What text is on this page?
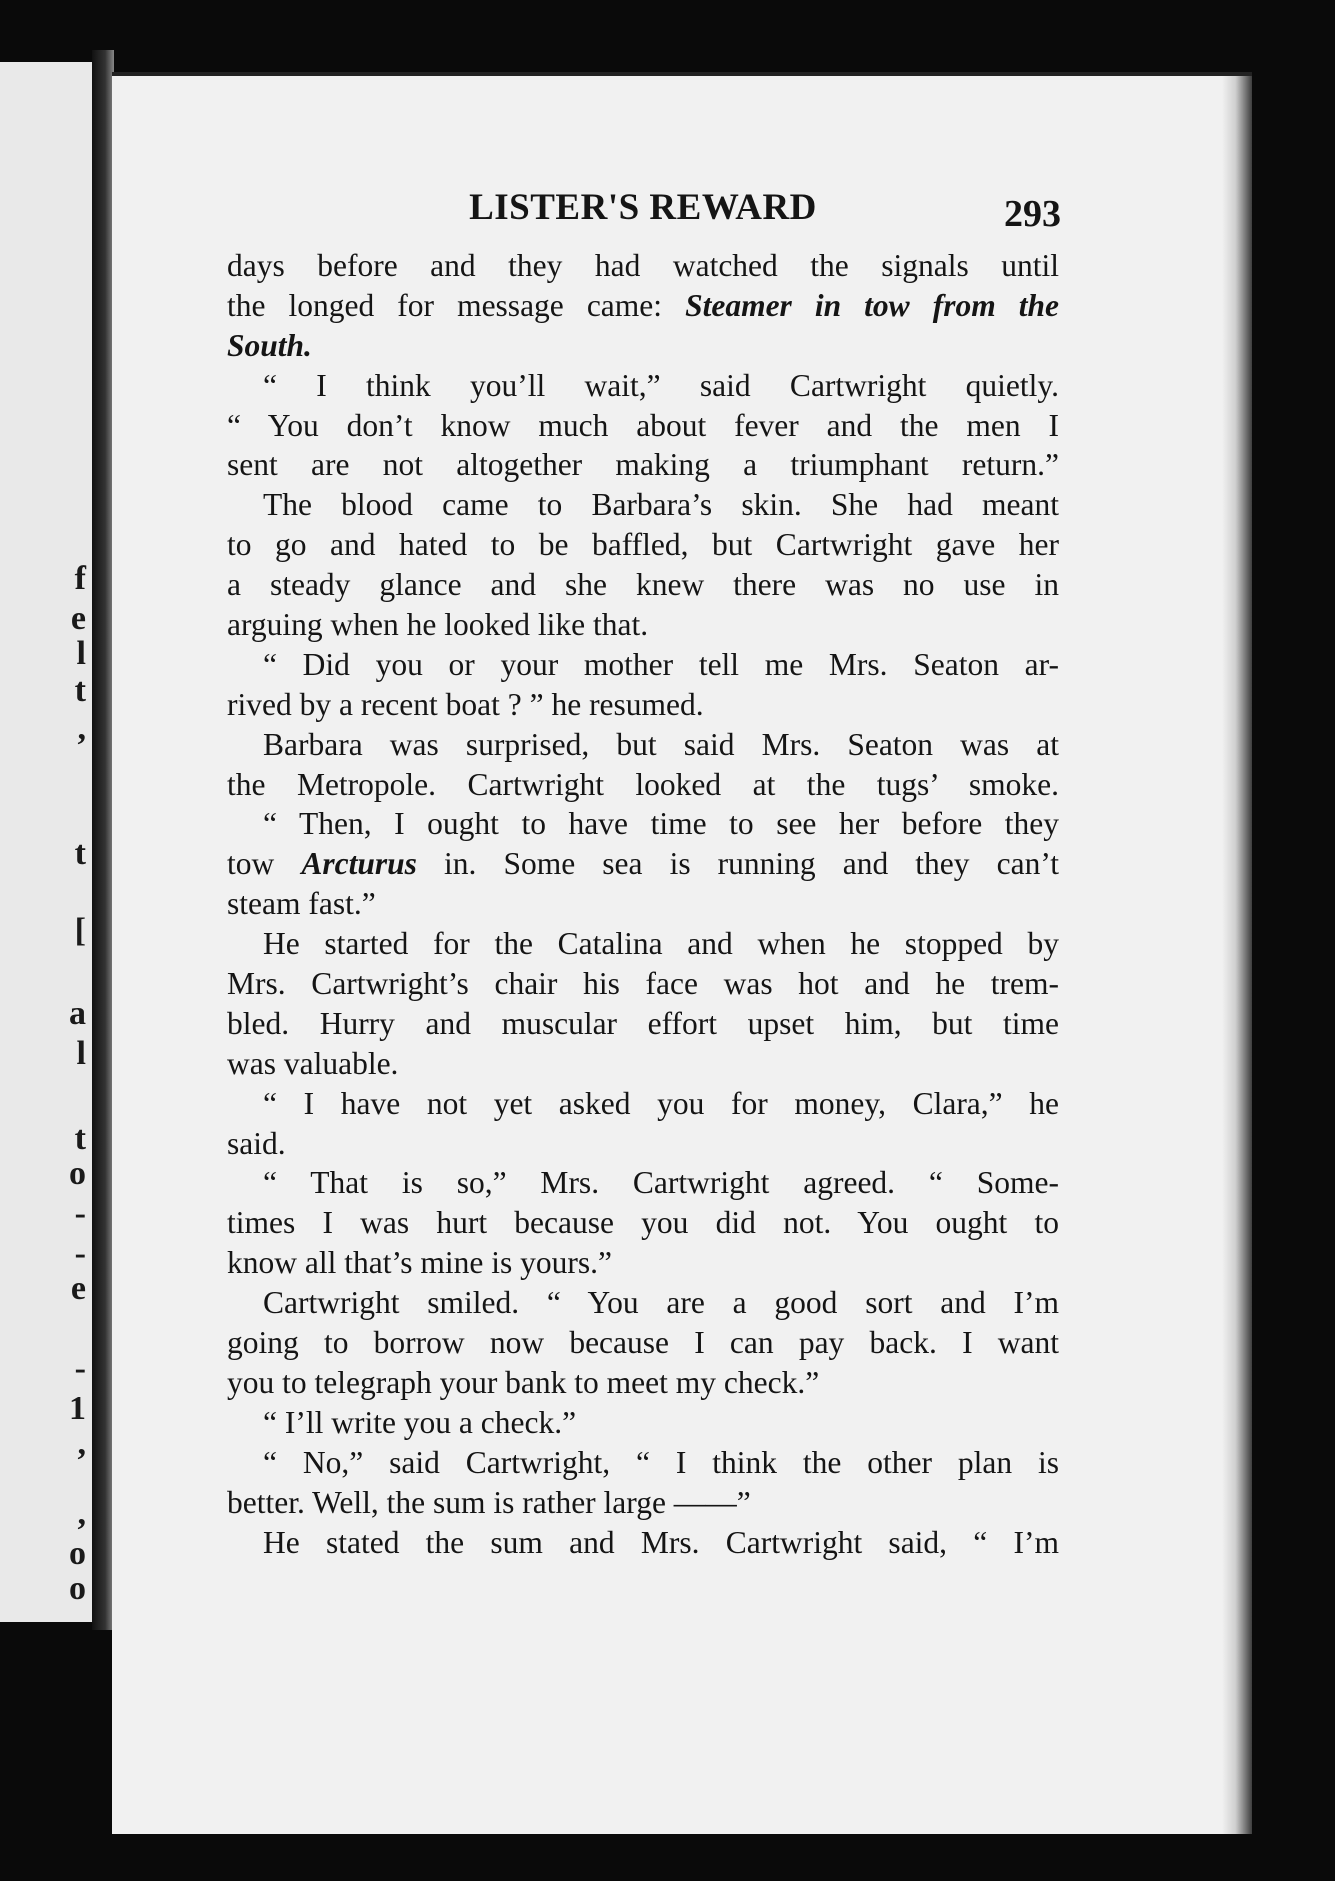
f
e
l
t
,
t
[
a
l
t
o
-
-
e
-
1
,
,
o
o
LISTER'S REWARD	293
days before and they had watched the signals until
the longed for message came: Steamer in tow from the
South.
“ I think you’ll wait,” said Cartwright quietly.
“ You don’t know much about fever and the men I
sent are not altogether making a triumphant return.”
The blood came to Barbara’s skin. She had meant
to go and hated to be baffled, but Cartwright gave her
a steady glance and she knew there was no use in
arguing when he looked like that.
“ Did you or your mother tell me Mrs. Seaton ar-
rived by a recent boat ? ” he resumed.
Barbara was surprised, but said Mrs. Seaton was at
the Metropole. Cartwright looked at the tugs’ smoke.
“ Then, I ought to have time to see her before they
tow Arcturus in. Some sea is running and they can’t
steam fast.”
He started for the Catalina and when he stopped by
Mrs. Cartwright’s chair his face was hot and he trem-
bled. Hurry and muscular effort upset him, but time
was valuable.
“ I have not yet asked you for money, Clara,” he
said.
“ That is so,” Mrs. Cartwright agreed. “ Some-
times I was hurt because you did not. You ought to
know all that’s mine is yours.”
Cartwright smiled. “ You are a good sort and I’m
going to borrow now because I can pay back. I want
you to telegraph your bank to meet my check.”
“ I’ll write you a check.”
“ No,” said Cartwright, “ I think the other plan is
better. Well, the sum is rather large ——”
He stated the sum and Mrs. Cartwright said, “ I’m
